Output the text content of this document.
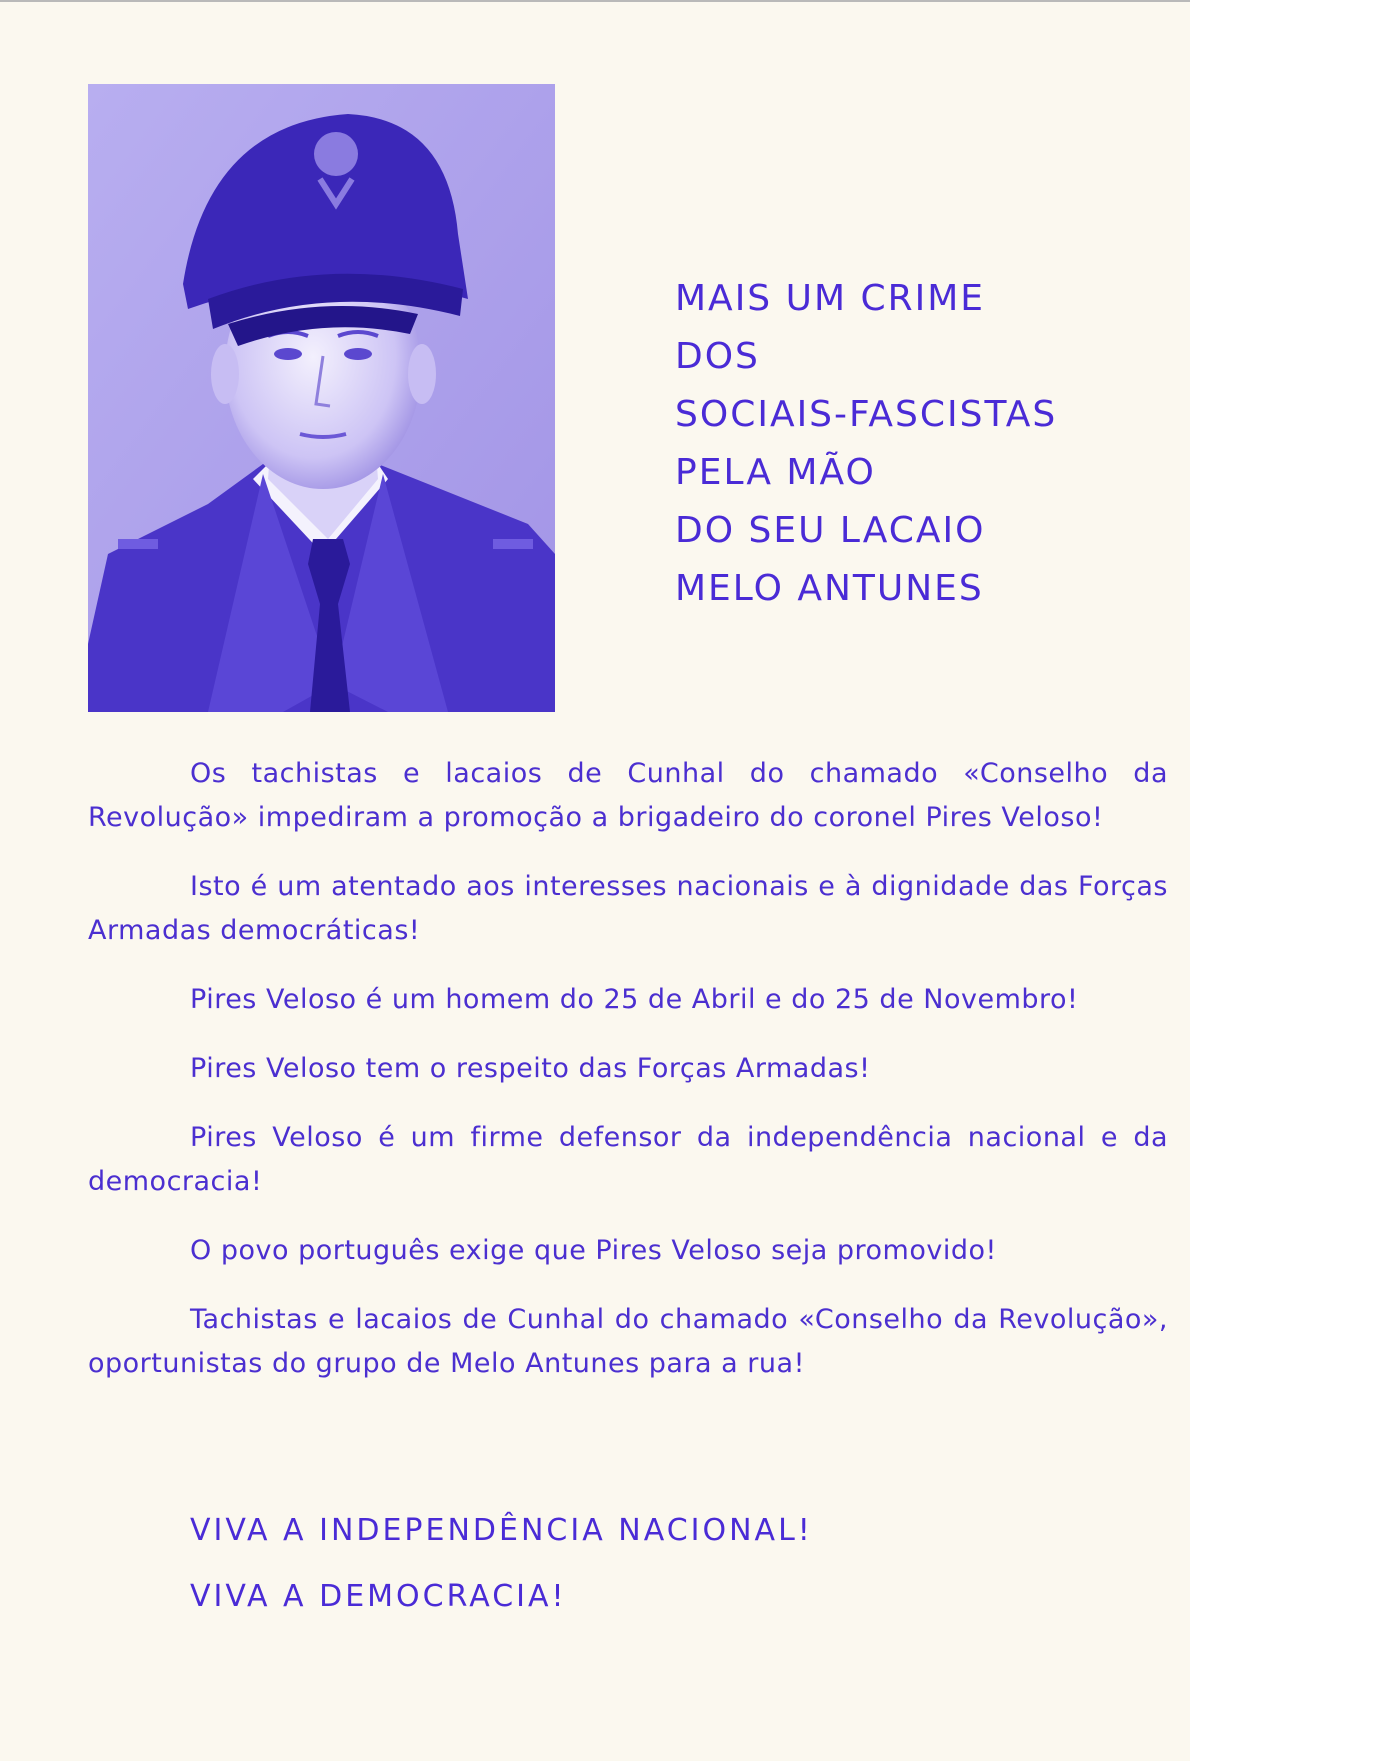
MAIS UM CRIME
DOS
SOCIAIS-FASCISTAS
PELA MÃO
DO SEU LACAIO
MELO ANTUNES

Os tachistas e lacaios de Cunhal do chamado «Conselho da Revolução» impediram a promoção a brigadeiro do coronel Pires Veloso!

Isto é um atentado aos interesses nacionais e à dignidade das Forças Armadas democráticas!

Pires Veloso é um homem do 25 de Abril e do 25 de Novembro!

Pires Veloso tem o respeito das Forças Armadas!

Pires Veloso é um firme defensor da independência nacional e da democracia!

O povo português exige que Pires Veloso seja promovido!

Tachistas e lacaios de Cunhal do chamado «Conselho da Revolução», oportunistas do grupo de Melo Antunes para a rua!

VIVA A INDEPENDÊNCIA NACIONAL!
VIVA A DEMOCRACIA!
